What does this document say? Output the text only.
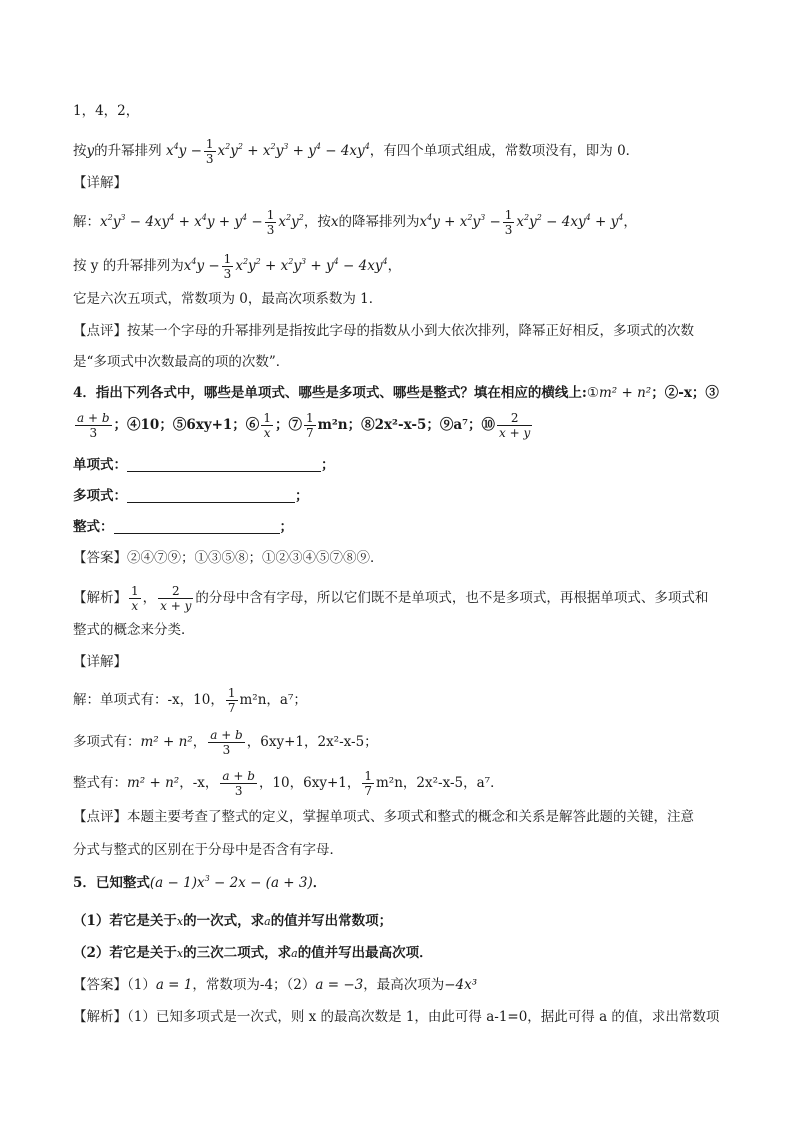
1，4，2，
按y的升幂排列 $x^4y - \frac{1}{3} x^2y^2 + x^2y^3 + y^4 - 4xy^4$，有四个单项式组成，常数项没有，即为 0．
【详解】
解：$x^2y^3 - 4xy^4 + x^4y + y^4 - \frac{1}{3} x^2y^2$，按x的降幂排列为$x^4y + x^2y^3 - \frac{1}{3} x^2y^2 - 4xy^4 + y^4$，
按 y 的升幂排列为$x^4y - \frac{1}{3} x^2y^2 + x^2y^3 + y^4 - 4xy^4$，
它是六次五项式，常数项为 0，最高次项系数为 1．
【点评】按某一个字母的升幂排列是指按此字母的指数从小到大依次排列，降幂正好相反，多项式的次数
是“多项式中次数最高的项的次数”．
4．指出下列各式中，哪些是单项式、哪些是多项式、哪些是整式？填在相应的横线上:①m² + n²；②-x；③
$\frac{a + b}{3}$ ；④10；⑤6xy+1；⑥ $\frac{1}{x}$ ；⑦ $\frac{1}{7} m^2n$；⑧2x²-x-5；⑨a⁷；⑩ $\frac{2}{x + y}$
单项式：	；
多项式：	；
整式：	；
【答案】②④⑦⑨；①③⑤⑧；①②③④⑤⑦⑧⑨．
【解析】 $\frac{1}{x}$ ， $\frac{2}{x + y}$ 的分母中含有字母，所以它们既不是单项式，也不是多项式，再根据单项式、多项式和
整式的概念来分类．
【详解】
解：单项式有：-x，10， $\frac{1}{7} m^2n$，a⁷；
多项式有：m² + n²， $\frac{a + b}{3}$ ，6xy+1，2x²-x-5；
整式有：m² + n²，-x， $\frac{a + b}{3}$ ，10，6xy+1， $\frac{1}{7} m^2n$，2x²-x-5，a⁷．
【点评】本题主要考查了整式的定义，掌握单项式、多项式和整式的概念和关系是解答此题的关键，注意
分式与整式的区别在于分母中是否含有字母．
5．已知整式$(a - 1)x^3 - 2x - (a + 3)$．
（1）若它是关于x的一次式，求a的值并写出常数项；
（2）若它是关于x的三次二项式，求a的值并写出最高次项．
【答案】（1）a = 1，常数项为-4；（2）a = −3，最高次项为−4x³
【解析】（1）已知多项式是一次式，则 x 的最高次数是 1，由此可得 a-1=0，据此可得 a 的值，求出常数项
